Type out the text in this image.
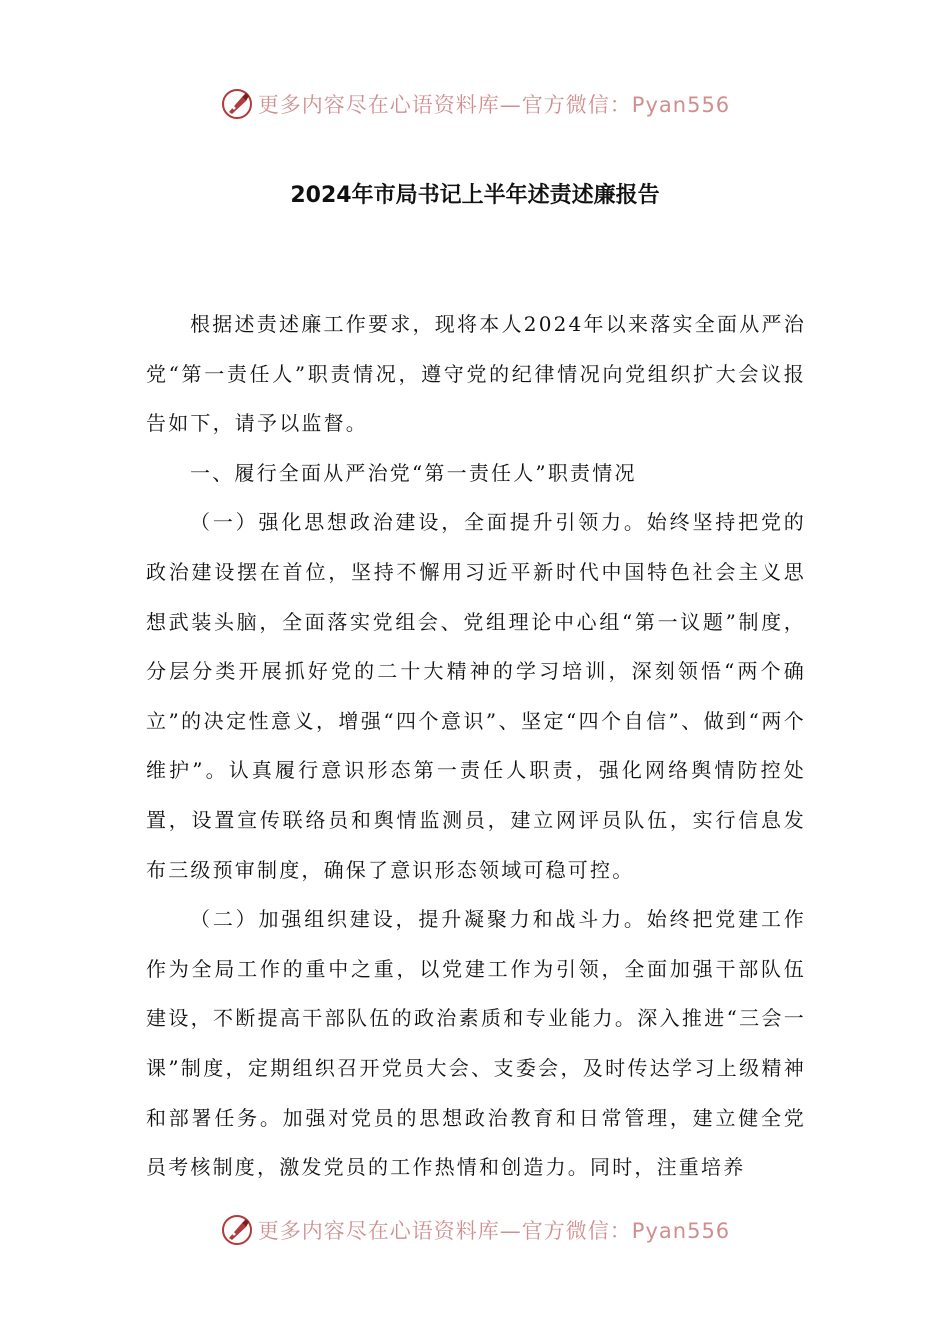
更多内容尽在心语资料库—官方微信：Pyan556
2024年市局书记上半年述责述廉报告

根据述责述廉工作要求，现将本人2024年以来落实全面从严治党“第一责任人”职责情况，遵守党的纪律情况向党组织扩大会议报告如下，请予以监督。

一、履行全面从严治党“第一责任人”职责情况

（一）强化思想政治建设，全面提升引领力。始终坚持把党的政治建设摆在首位，坚持不懈用习近平新时代中国特色社会主义思想武装头脑，全面落实党组会、党组理论中心组“第一议题”制度，分层分类开展抓好党的二十大精神的学习培训，深刻领悟“两个确立”的决定性意义，增强“四个意识”、坚定“四个自信”、做到“两个维护”。认真履行意识形态第一责任人职责，强化网络舆情防控处置，设置宣传联络员和舆情监测员，建立网评员队伍，实行信息发布三级预审制度，确保了意识形态领域可稳可控。

（二）加强组织建设，提升凝聚力和战斗力。始终把党建工作作为全局工作的重中之重，以党建工作为引领，全面加强干部队伍建设，不断提高干部队伍的政治素质和专业能力。深入推进“三会一课”制度，定期组织召开党员大会、支委会，及时传达学习上级精神和部署任务。加强对党员的思想政治教育和日常管理，建立健全党员考核制度，激发党员的工作热情和创造力。同时，注重培养

更多内容尽在心语资料库—官方微信：Pyan556
